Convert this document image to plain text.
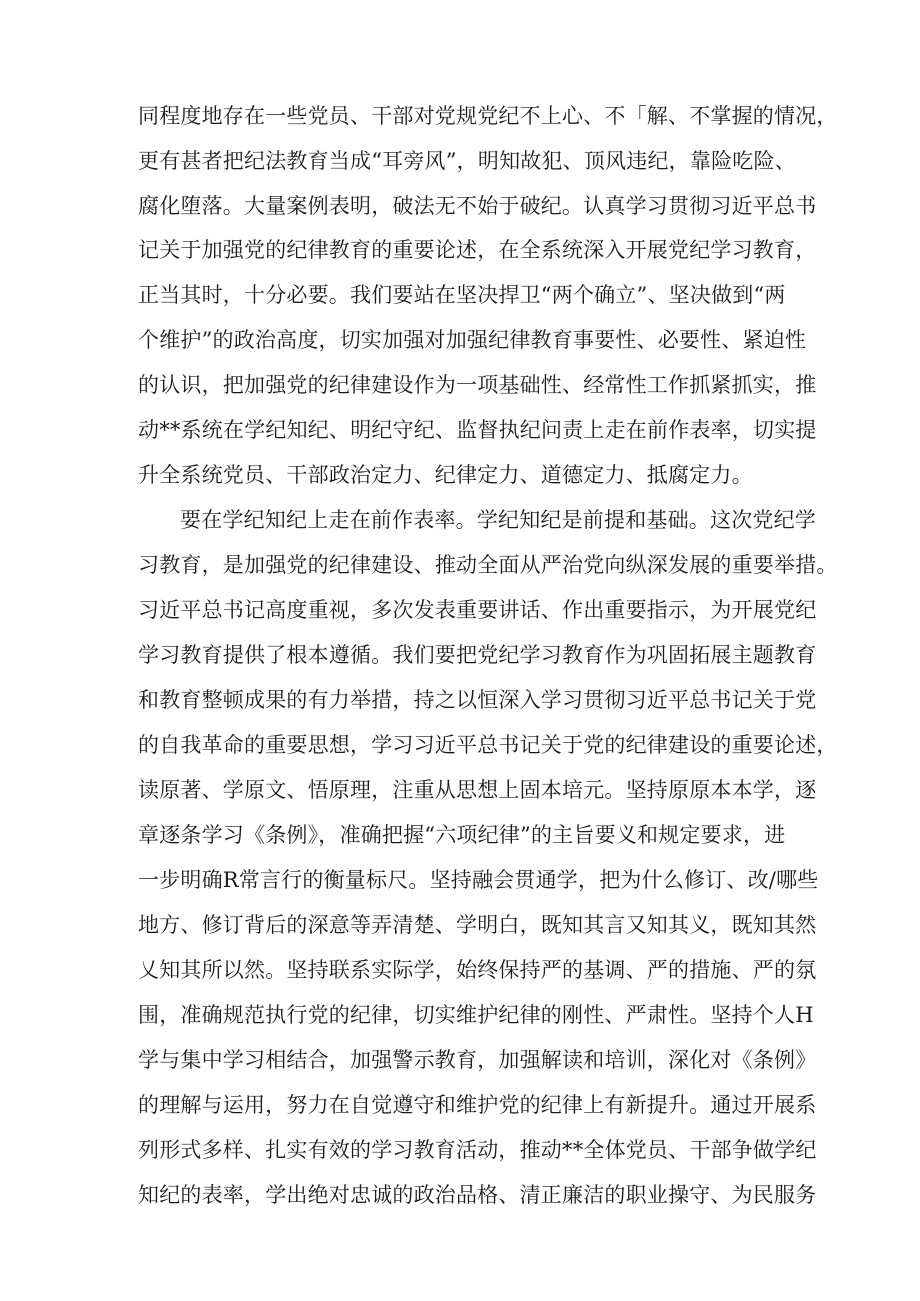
同程度地存在一些党员、干部对党规党纪不上心、不「解、不掌握的情况，
更有甚者把纪法教育当成“耳旁风”，明知故犯、顶风违纪，靠险吃险、
腐化堕落。大量案例表明，破法无不始于破纪。认真学习贯彻习近平总书
记关于加强党的纪律教育的重要论述，在全系统深入开展党纪学习教育，
正当其时，十分必要。我们要站在坚决捍卫“两个确立”、坚决做到“两
个维护”的政治高度，切实加强对加强纪律教育事要性、必要性、紧迫性
的认识，把加强党的纪律建设作为一项基础性、经常性工作抓紧抓实，推
动**系统在学纪知纪、明纪守纪、监督执纪问责上走在前作表率，切实提
升全系统党员、干部政治定力、纪律定力、道德定力、抵腐定力。
要在学纪知纪上走在前作表率。学纪知纪是前提和基础。这次党纪学
习教育，是加强党的纪律建设、推动全面从严治党向纵深发展的重要举措。
习近平总书记高度重视，多次发表重要讲话、作出重要指示，为开展党纪
学习教育提供了根本遵循。我们要把党纪学习教育作为巩固拓展主题教育
和教育整顿成果的有力举措，持之以恒深入学习贯彻习近平总书记关于党
的自我革命的重要思想，学习习近平总书记关于党的纪律建设的重要论述，
读原著、学原文、悟原理，注重从思想上固本培元。坚持原原本本学，逐
章逐条学习《条例》，准确把握“六项纪律”的主旨要义和规定要求，进
一步明确R常言行的衡量标尺。坚持融会贯通学，把为什么修订、改/哪些
地方、修订背后的深意等弄清楚、学明白，既知其言又知其义，既知其然
乂知其所以然。坚持联系实际学，始终保持严的基调、严的措施、严的氛
围，准确规范执行党的纪律，切实维护纪律的刚性、严肃性。坚持个人H
学与集中学习相结合，加强警示教育，加强解读和培训，深化对《条例》
的理解与运用，努力在自觉遵守和维护党的纪律上有新提升。通过开展系
列形式多样、扎实有效的学习教育活动，推动**全体党员、干部争做学纪
知纪的表率，学出绝对忠诚的政治品格、清正廉洁的职业操守、为民服务
